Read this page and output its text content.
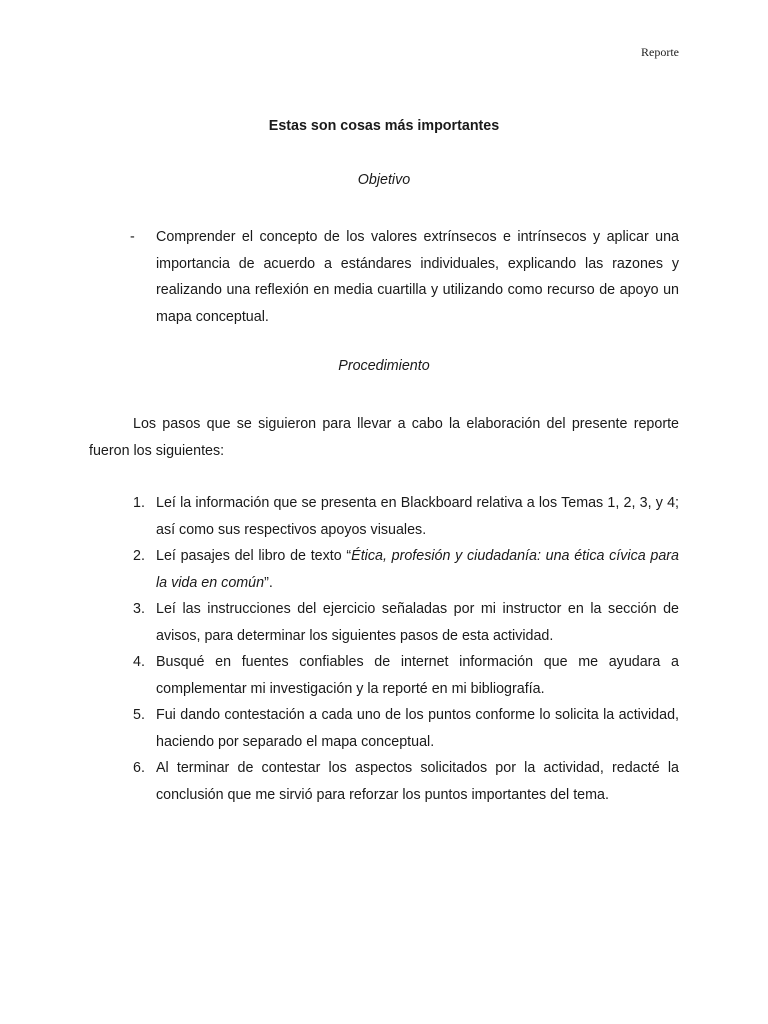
Reporte
Estas son cosas más importantes
Objetivo
- Comprender el concepto de los valores extrínsecos e intrínsecos y aplicar una importancia de acuerdo a estándares individuales, explicando las razones y realizando una reflexión en media cuartilla y utilizando como recurso de apoyo un mapa conceptual.
Procedimiento

Los pasos que se siguieron para llevar a cabo la elaboración del presente reporte fueron los siguientes:

1. Leí la información que se presenta en Blackboard relativa a los Temas 1, 2, 3, y 4; así como sus respectivos apoyos visuales.
2. Leí pasajes del libro de texto “Ética, profesión y ciudadanía: una ética cívica para la vida en común”.
3. Leí las instrucciones del ejercicio señaladas por mi instructor en la sección de avisos, para determinar los siguientes pasos de esta actividad.
4. Busqué en fuentes confiables de internet información que me ayudara a complementar mi investigación y la reporté en mi bibliografía.
5. Fui dando contestación a cada uno de los puntos conforme lo solicita la actividad, haciendo por separado el mapa conceptual.
6. Al terminar de contestar los aspectos solicitados por la actividad, redacté la conclusión que me sirvió para reforzar los puntos importantes del tema.
